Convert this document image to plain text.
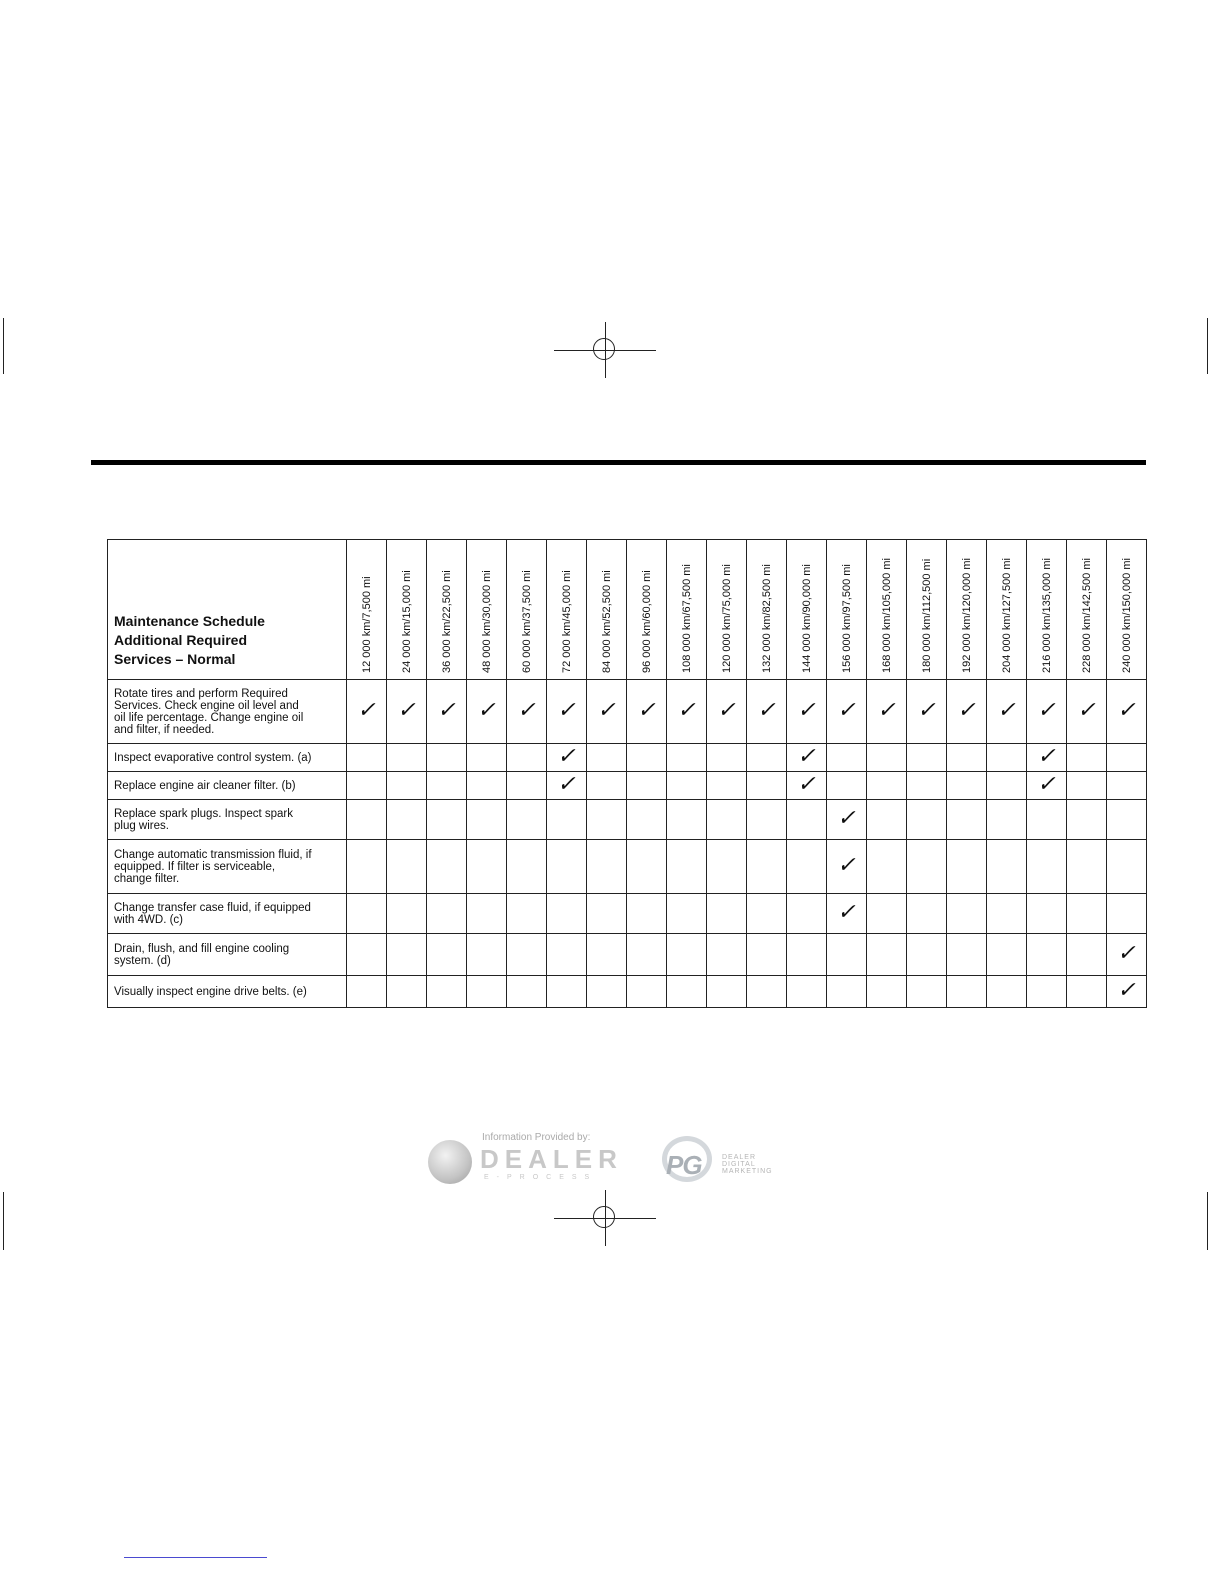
Maintenance Schedule
Additional Required
Services – Normal	12 000 km/7,500 mi	24 000 km/15,000 mi	36 000 km/22,500 mi	48 000 km/30,000 mi	60 000 km/37,500 mi	72 000 km/45,000 mi	84 000 km/52,500 mi	96 000 km/60,000 mi	108 000 km/67,500 mi	120 000 km/75,000 mi	132 000 km/82,500 mi	144 000 km/90,000 mi	156 000 km/97,500 mi	168 000 km/105,000 mi	180 000 km/112,500 mi	192 000 km/120,000 mi	204 000 km/127,500 mi	216 000 km/135,000 mi	228 000 km/142,500 mi	240 000 km/150,000 mi

Rotate tires and perform Required
Services. Check engine oil level and
oil life percentage. Change engine oil
and filter, if needed.	✓	✓	✓	✓	✓	✓	✓	✓	✓	✓	✓	✓	✓	✓	✓	✓	✓	✓	✓	✓

Inspect evaporative control system. (a)						✓						✓						✓		

Replace engine air cleaner filter. (b)						✓						✓						✓		

Replace spark plugs. Inspect spark
plug wires.													✓							

Change automatic transmission fluid, if
equipped. If filter is serviceable,
change filter.													✓							

Change transfer case fluid, if equipped
with 4WD. (c)													✓							

Drain, flush, and fill engine cooling
system. (d)																				✓

Visually inspect engine drive belts. (e)																				✓
Information Provided by:
DEALER
E-PROCESS	PG	DEALER
DIGITAL
MARKETING
